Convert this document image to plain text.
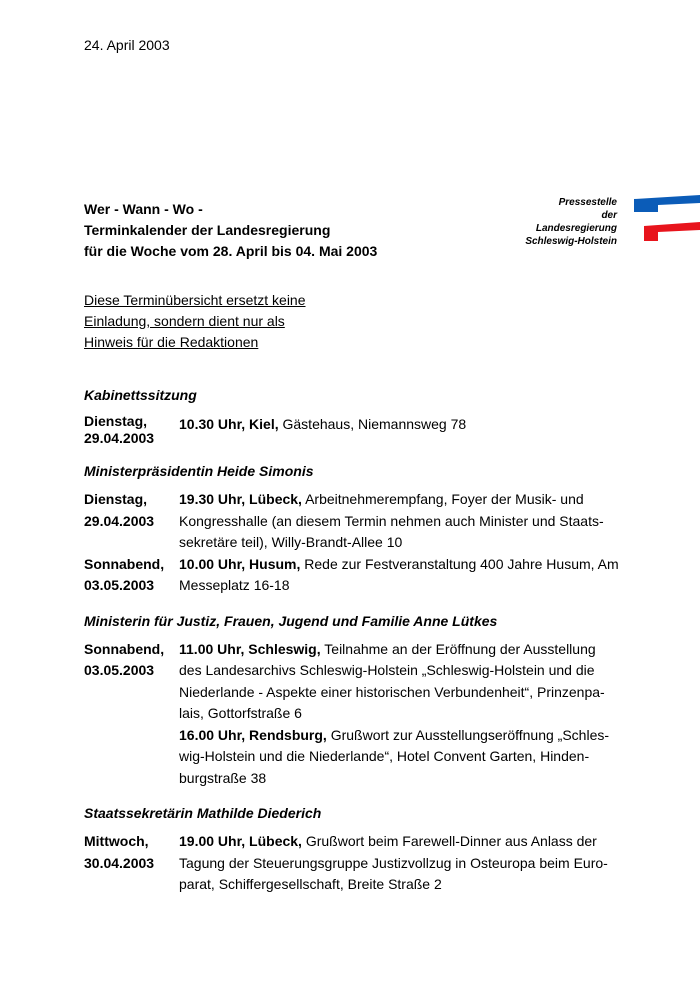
24. April 2003
Pressestelle
der
Landesregierung
Schleswig-Holstein
Wer - Wann - Wo -
Terminkalender der Landesregierung
für die Woche vom 28. April bis 04. Mai 2003
Diese Terminübersicht ersetzt keine
Einladung, sondern dient nur als
Hinweis für die Redaktionen
Kabinettssitzung
Dienstag,
29.04.2003

10.30 Uhr, Kiel, Gästehaus, Niemannsweg 78

Ministerpräsidentin Heide Simonis
Dienstag,
29.04.2003

19.30 Uhr, Lübeck, Arbeitnehmerempfang, Foyer der Musik- und Kongresshalle (an diesem Termin nehmen auch Minister und Staats-sekretäre teil), Willy-Brandt-Allee 10

Sonnabend,
03.05.2003

10.00 Uhr, Husum, Rede zur Festveranstaltung 400 Jahre Husum, Am Messeplatz 16-18

Ministerin für Justiz, Frauen, Jugend und Familie Anne Lütkes
Sonnabend,
03.05.2003

11.00 Uhr, Schleswig, Teilnahme an der Eröffnung der Ausstellung des Landesarchivs Schleswig-Holstein „Schleswig-Holstein und die Niederlande - Aspekte einer historischen Verbundenheit“, Prinzenpa-lais, Gottorfstraße 6

16.00 Uhr, Rendsburg, Grußwort zur Ausstellungseröffnung „Schles-wig-Holstein und die Niederlande“, Hotel Convent Garten, Hinden-burgstraße 38

Staatssekretärin Mathilde Diederich
Mittwoch,
30.04.2003

19.00 Uhr, Lübeck, Grußwort beim Farewell-Dinner aus Anlass der Tagung der Steuerungsgruppe Justizvollzug in Osteuropa beim Euro-parat, Schiffergesellschaft, Breite Straße 2
